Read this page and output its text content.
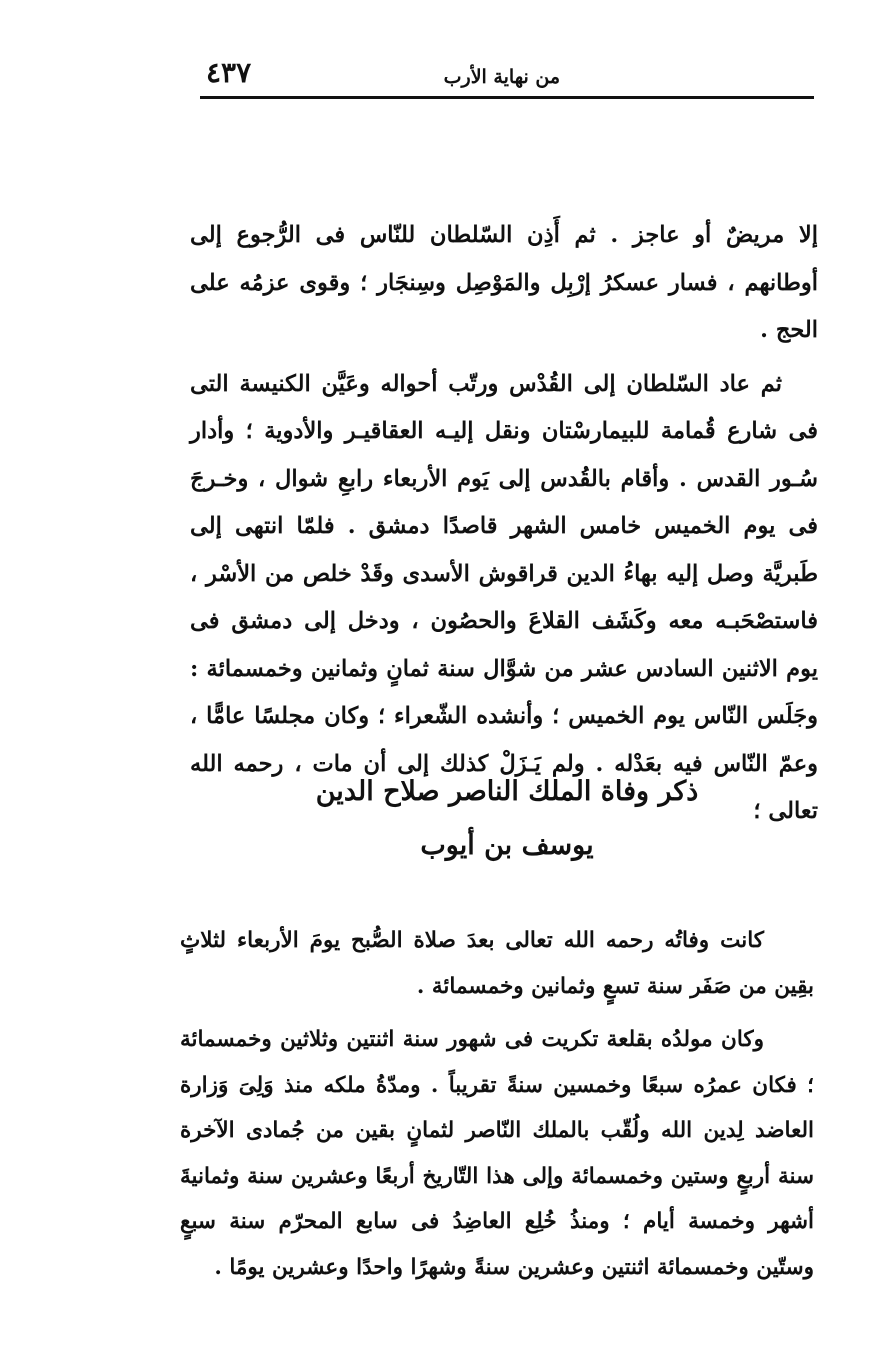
من نهاية الأرب
٤٣٧

إلا مريضٌ أو عاجز . ثم أَذِن السّلطان للنّاس فى الرُّجوع إلى أوطانهم ، فسار عسكرُ إرْبِل والمَوْصِل وسِنجَار ؛ وقوى عزمُه على الحج .

ثم عاد السّلطان إلى القُدْس ورتّب أحواله وعَيَّن الكنيسة التى فى شارع قُمامة للبيمارسْتان ونقل إليـه العقاقيـر والأدوية ؛ وأدار سُـور القدس . وأقام بالقُدس إلى يَوم الأربعاء رابعِ شوال ، وخـرجَ فى يوم الخميس خامس الشهر قاصدًا دمشق . فلمّا انتهى إلى طَبريَّة وصل إليه بهاءُ الدين قراقوش الأسدى وقَدْ خلص من الأسْر ، فاستصْحَبـه معه وكَشَف القلاعَ والحصُون ، ودخل إلى دمشق فى يوم الاثنين السادس عشر من شوَّال سنة ثمانٍ وثمانين وخمسمائة : وجَلَس النّاس يوم الخميس ؛ وأنشده الشّعراء ؛ وكان مجلسًا عامًّا ، وعمّ النّاس فيه بعَدْله . ولم يَـزَلْ كذلك إلى أن مات ، رحمه الله تعالى ؛

ذكر وفاة الملك الناصر صلاح الدين
يوسف بن أيوب

كانت وفاتُه رحمه الله تعالى بعدَ صلاة الصُّبح يومَ الأربعاء لثلاثٍ بقِين من صَفَر سنة تسعٍ وثمانين وخمسمائة .

وكان مولدُه بقلعة تكريت فى شهور سنة اثنتين وثلاثين وخمسمائة ؛ فكان عمرُه سبعًا وخمسين سنةً تقريباً . ومدّةُ ملكه منذ وَلِىَ وَزارة العاضد لِدين الله ولُقّب بالملك النّاصر لثمانٍ بقين من جُمادى الآخرة سنة أربعٍ وستين وخمسمائة وإلى هذا التّاريخ أربعًا وعشرين سنة وثمانيةَ أشهر وخمسة أيام ؛ ومنذُ خُلِع العاضِدُ فى سابع المحرّم سنة سبعٍ وستّين وخمسمائة اثنتين وعشرين سنةً وشهرًا واحدًا وعشرين يومًا .
